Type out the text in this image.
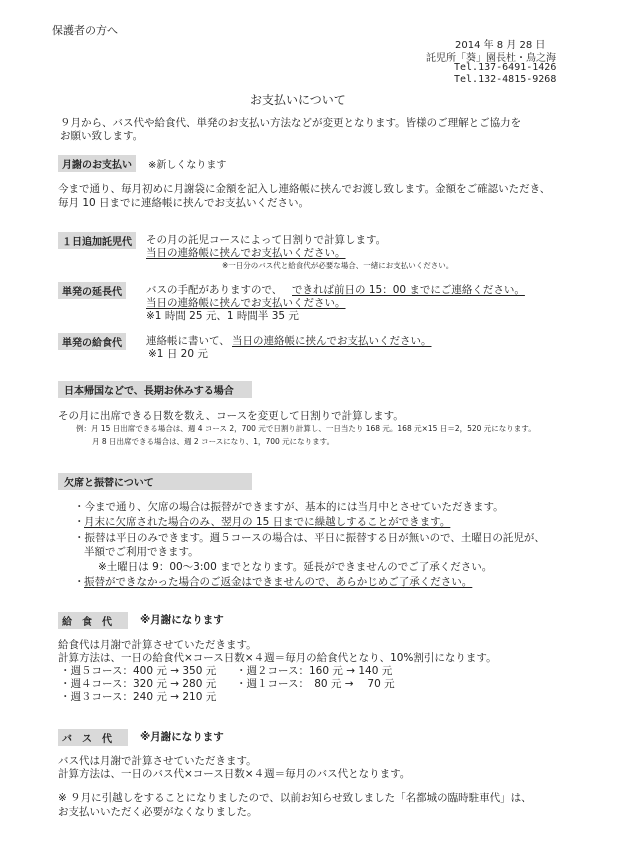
保護者の方へ
2014 年 8 月 28 日
託児所「葵」園長杜・鳥之海
Tel.137-6491-1426
Tel.132-4815-9268
お支払いについて
９月から、バス代や給食代、単発のお支払い方法などが変更となります。皆様のご理解とご協力を
お願い致します。
月謝のお支払い	※新しくなります
今まで通り、毎月初めに月謝袋に金額を記入し連絡帳に挟んでお渡し致します。金額をご確認いただき、
毎月 10 日までに連絡帳に挟んでお支払いください。
１日追加託児代	その月の託児コースによって日割りで計算します。
当日の連絡帳に挟んでお支払いください。
※一日分のバス代と給食代が必要な場合、一緒にお支払いください。
単発の延長代	バスの手配がありますので、 できれば前日の 15：00 までにご連絡ください。
当日の連絡帳に挟んでお支払いください。
※1 時間 25 元、1 時間半 35 元
単発の給食代	連絡帳に書いて、 当日の連絡帳に挟んでお支払いください。
※1 日 20 元
日本帰国などで、長期お休みする場合
その月に出席できる日数を数え、コースを変更して日割りで計算します。
例：月 15 日出席できる場合は、週 4 コース 2，700 元で日割り計算し、一日当たり 168 元。168 元×15 日＝2，520 元になります。
月 8 日出席できる場合は、週 2 コースになり、1，700 元になります。
欠席と振替について
・今まで通り、欠席の場合は振替ができますが、基本的には当月中とさせていただきます。
・ 月末に欠席された場合のみ、翌月の 15 日までに繰越しすることができます。
・振替は平日のみできます。週５コースの場合は、平日に振替する日が無いので、土曜日の託児が、
半額でご利用できます。
※土曜日は 9：00～3:00 までとなります。延長ができませんのでご了承ください。
・ 振替ができなかった場合のご返金はできませんので、あらかじめご了承ください。
給　食　代	※月謝になります
給食代は月謝で計算させていただきます。
計算方法は、一日の給食代×コース日数×４週＝毎月の給食代となり、10%割引になります。
・週５コース：400 元 → 350 元
・週４コース：320 元 → 280 元
・週３コース：240 元 → 210 元
・週２コース：160 元 → 140 元
・週１コース：　80 元 → 　70 元
バ　ス　代	※月謝になります
バス代は月謝で計算させていただきます。
計算方法は、一日のバス代×コース日数×４週＝毎月のバス代となります。
※ ９月に引越しをすることになりましたので、以前お知らせ致しました「名都城の臨時駐車代」は、
お支払いいただく必要がなくなりました。
